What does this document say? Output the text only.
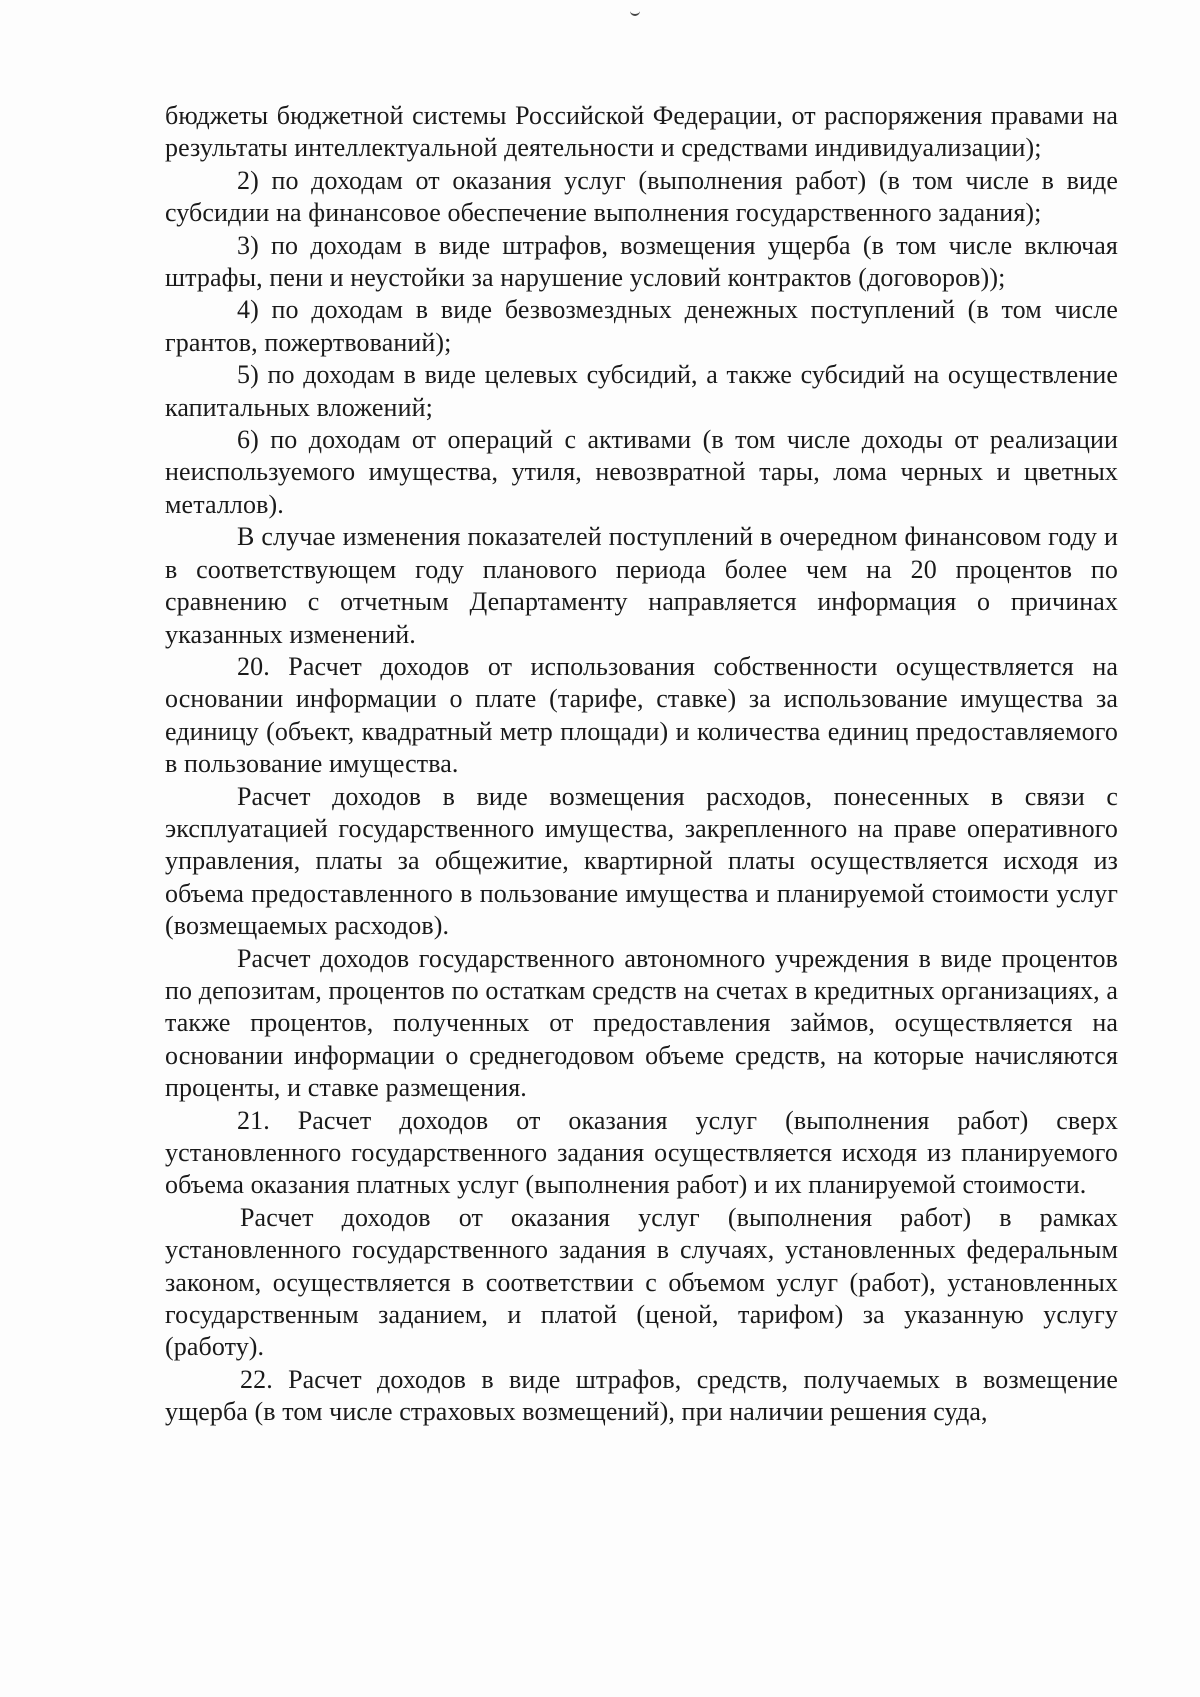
бюджеты бюджетной системы Российской Федерации, от распоряжения правами на результаты интеллектуальной деятельности и средствами индивидуализации);

2) по доходам от оказания услуг (выполнения работ) (в том числе в виде субсидии на финансовое обеспечение выполнения государственного задания);

3) по доходам в виде штрафов, возмещения ущерба (в том числе включая штрафы, пени и неустойки за нарушение условий контрактов (договоров));

4) по доходам в виде безвозмездных денежных поступлений (в том числе грантов, пожертвований);

5) по доходам в виде целевых субсидий, а также субсидий на осуществление капитальных вложений;

6) по доходам от операций с активами (в том числе доходы от реализации неиспользуемого имущества, утиля, невозвратной тары, лома черных и цветных металлов).

В случае изменения показателей поступлений в очередном финансовом году и в соответствующем году планового периода более чем на 20 процентов по сравнению с отчетным Департаменту направляется информация о причинах указанных изменений.

20. Расчет доходов от использования собственности осуществляется на основании информации о плате (тарифе, ставке) за использование имущества за единицу (объект, квадратный метр площади) и количества единиц предоставляемого в пользование имущества.

Расчет доходов в виде возмещения расходов, понесенных в связи с эксплуатацией государственного имущества, закрепленного на праве оперативного управления, платы за общежитие, квартирной платы осуществляется исходя из объема предоставленного в пользование имущества и планируемой стоимости услуг (возмещаемых расходов).

Расчет доходов государственного автономного учреждения в виде процентов по депозитам, процентов по остаткам средств на счетах в кредитных организациях, а также процентов, полученных от предоставления займов, осуществляется на основании информации о среднегодовом объеме средств, на которые начисляются проценты, и ставке размещения.

21. Расчет доходов от оказания услуг (выполнения работ) сверх установленного государственного задания осуществляется исходя из планируемого объема оказания платных услуг (выполнения работ) и их планируемой стоимости.

Расчет доходов от оказания услуг (выполнения работ) в рамках установленного государственного задания в случаях, установленных федеральным законом, осуществляется в соответствии с объемом услуг (работ), установленных государственным заданием, и платой (ценой, тарифом) за указанную услугу (работу).

22. Расчет доходов в виде штрафов, средств, получаемых в возмещение ущерба (в том числе страховых возмещений), при наличии решения суда,
